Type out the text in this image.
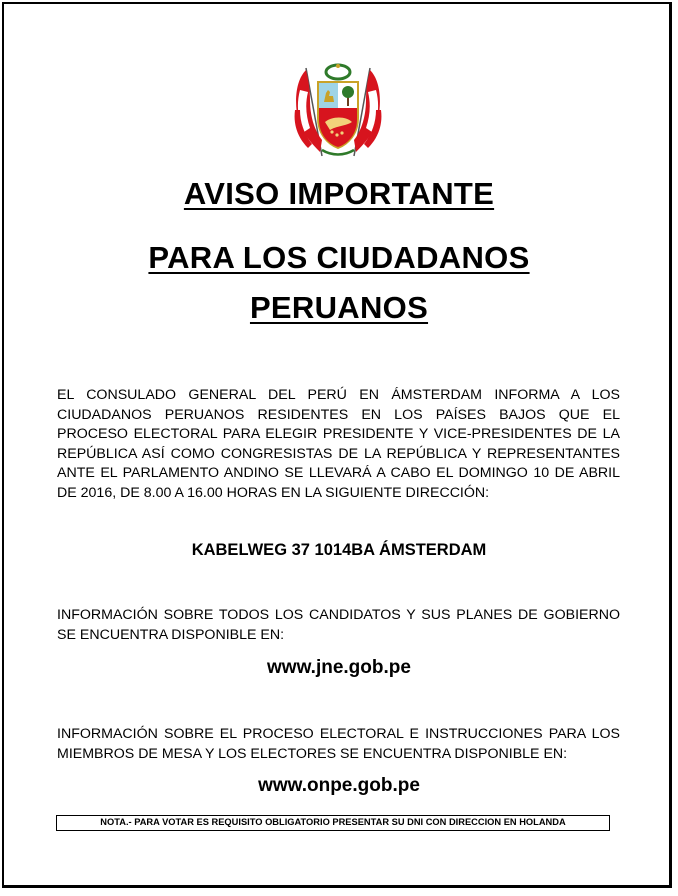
AVISO IMPORTANTE
PARA LOS CIUDADANOS
PERUANOS
EL CONSULADO GENERAL DEL PERÚ EN ÁMSTERDAM INFORMA A LOS CIUDADANOS PERUANOS RESIDENTES EN LOS PAÍSES BAJOS QUE EL PROCESO ELECTORAL PARA ELEGIR PRESIDENTE Y VICE-PRESIDENTES DE LA REPÚBLICA ASÍ COMO CONGRESISTAS DE LA REPÚBLICA Y REPRESENTANTES ANTE EL PARLAMENTO ANDINO SE LLEVARÁ A CABO EL DOMINGO 10 DE ABRIL DE 2016, DE 8.00 A 16.00 HORAS EN LA SIGUIENTE DIRECCIÓN:
KABELWEG 37 1014BA ÁMSTERDAM
INFORMACIÓN SOBRE TODOS LOS CANDIDATOS Y SUS PLANES DE GOBIERNO SE ENCUENTRA DISPONIBLE EN:
www.jne.gob.pe
INFORMACIÓN SOBRE EL PROCESO ELECTORAL E INSTRUCCIONES PARA LOS MIEMBROS DE MESA Y LOS ELECTORES SE ENCUENTRA DISPONIBLE EN:
www.onpe.gob.pe
NOTA.- PARA VOTAR ES REQUISITO OBLIGATORIO PRESENTAR SU DNI CON DIRECCION EN HOLANDA
